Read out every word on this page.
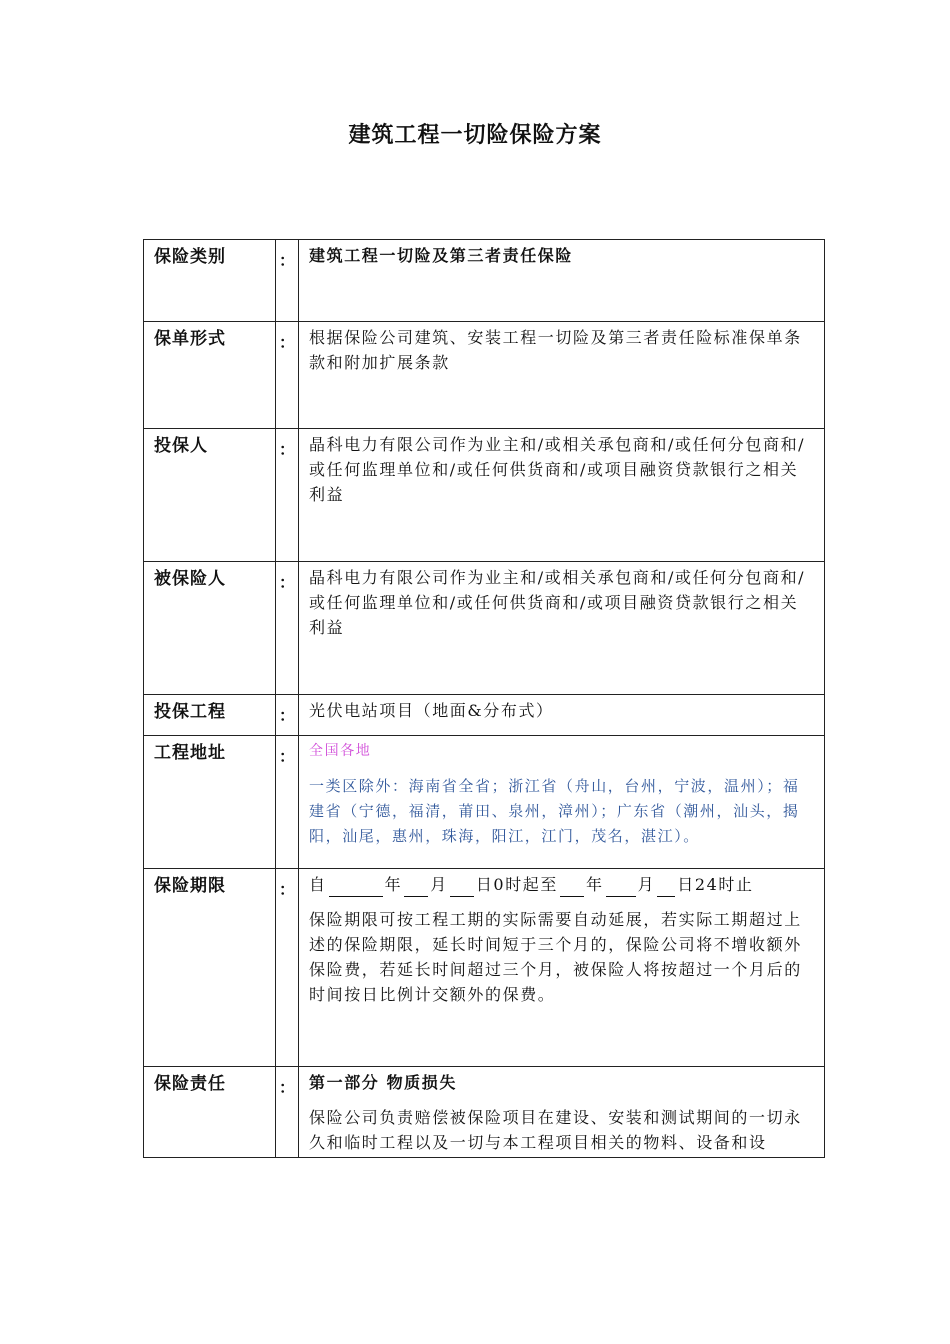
建筑工程一切险保险方案
保险类别	：	建筑工程一切险及第三者责任保险
保单形式	：	根据保险公司建筑、安装工程一切险及第三者责任险标准保单条款和附加扩展条款
投保人	：	晶科电力有限公司作为业主和/或相关承包商和/或任何分包商和/或任何监理单位和/或任何供货商和/或项目融资贷款银行之相关利益
被保险人	：	晶科电力有限公司作为业主和/或相关承包商和/或任何分包商和/或任何监理单位和/或任何供货商和/或项目融资贷款银行之相关利益
投保工程	：	光伏电站项目（地面&分布式）
工程地址	：	全国各地

一类区除外：海南省全省；浙江省（舟山，台州，宁波，温州）；福建省（宁德，福清，莆田、泉州，漳州）；广东省（潮州，汕头，揭阳，汕尾，惠州，珠海，阳江，江门，茂名，湛江）。

保险期限	：	自 年 月 日0时起至 年 月 日24时止

保险期限可按工程工期的实际需要自动延展，若实际工期超过上述的保险期限，延长时间短于三个月的，保险公司将不增收额外保险费，若延长时间超过三个月，被保险人将按超过一个月后的时间按日比例计交额外的保费。

保险责任	：	第一部分 物质损失

保险公司负责赔偿被保险项目在建设、安装和测试期间的一切永久和临时工程以及一切与本工程项目相关的物料、设备和设
